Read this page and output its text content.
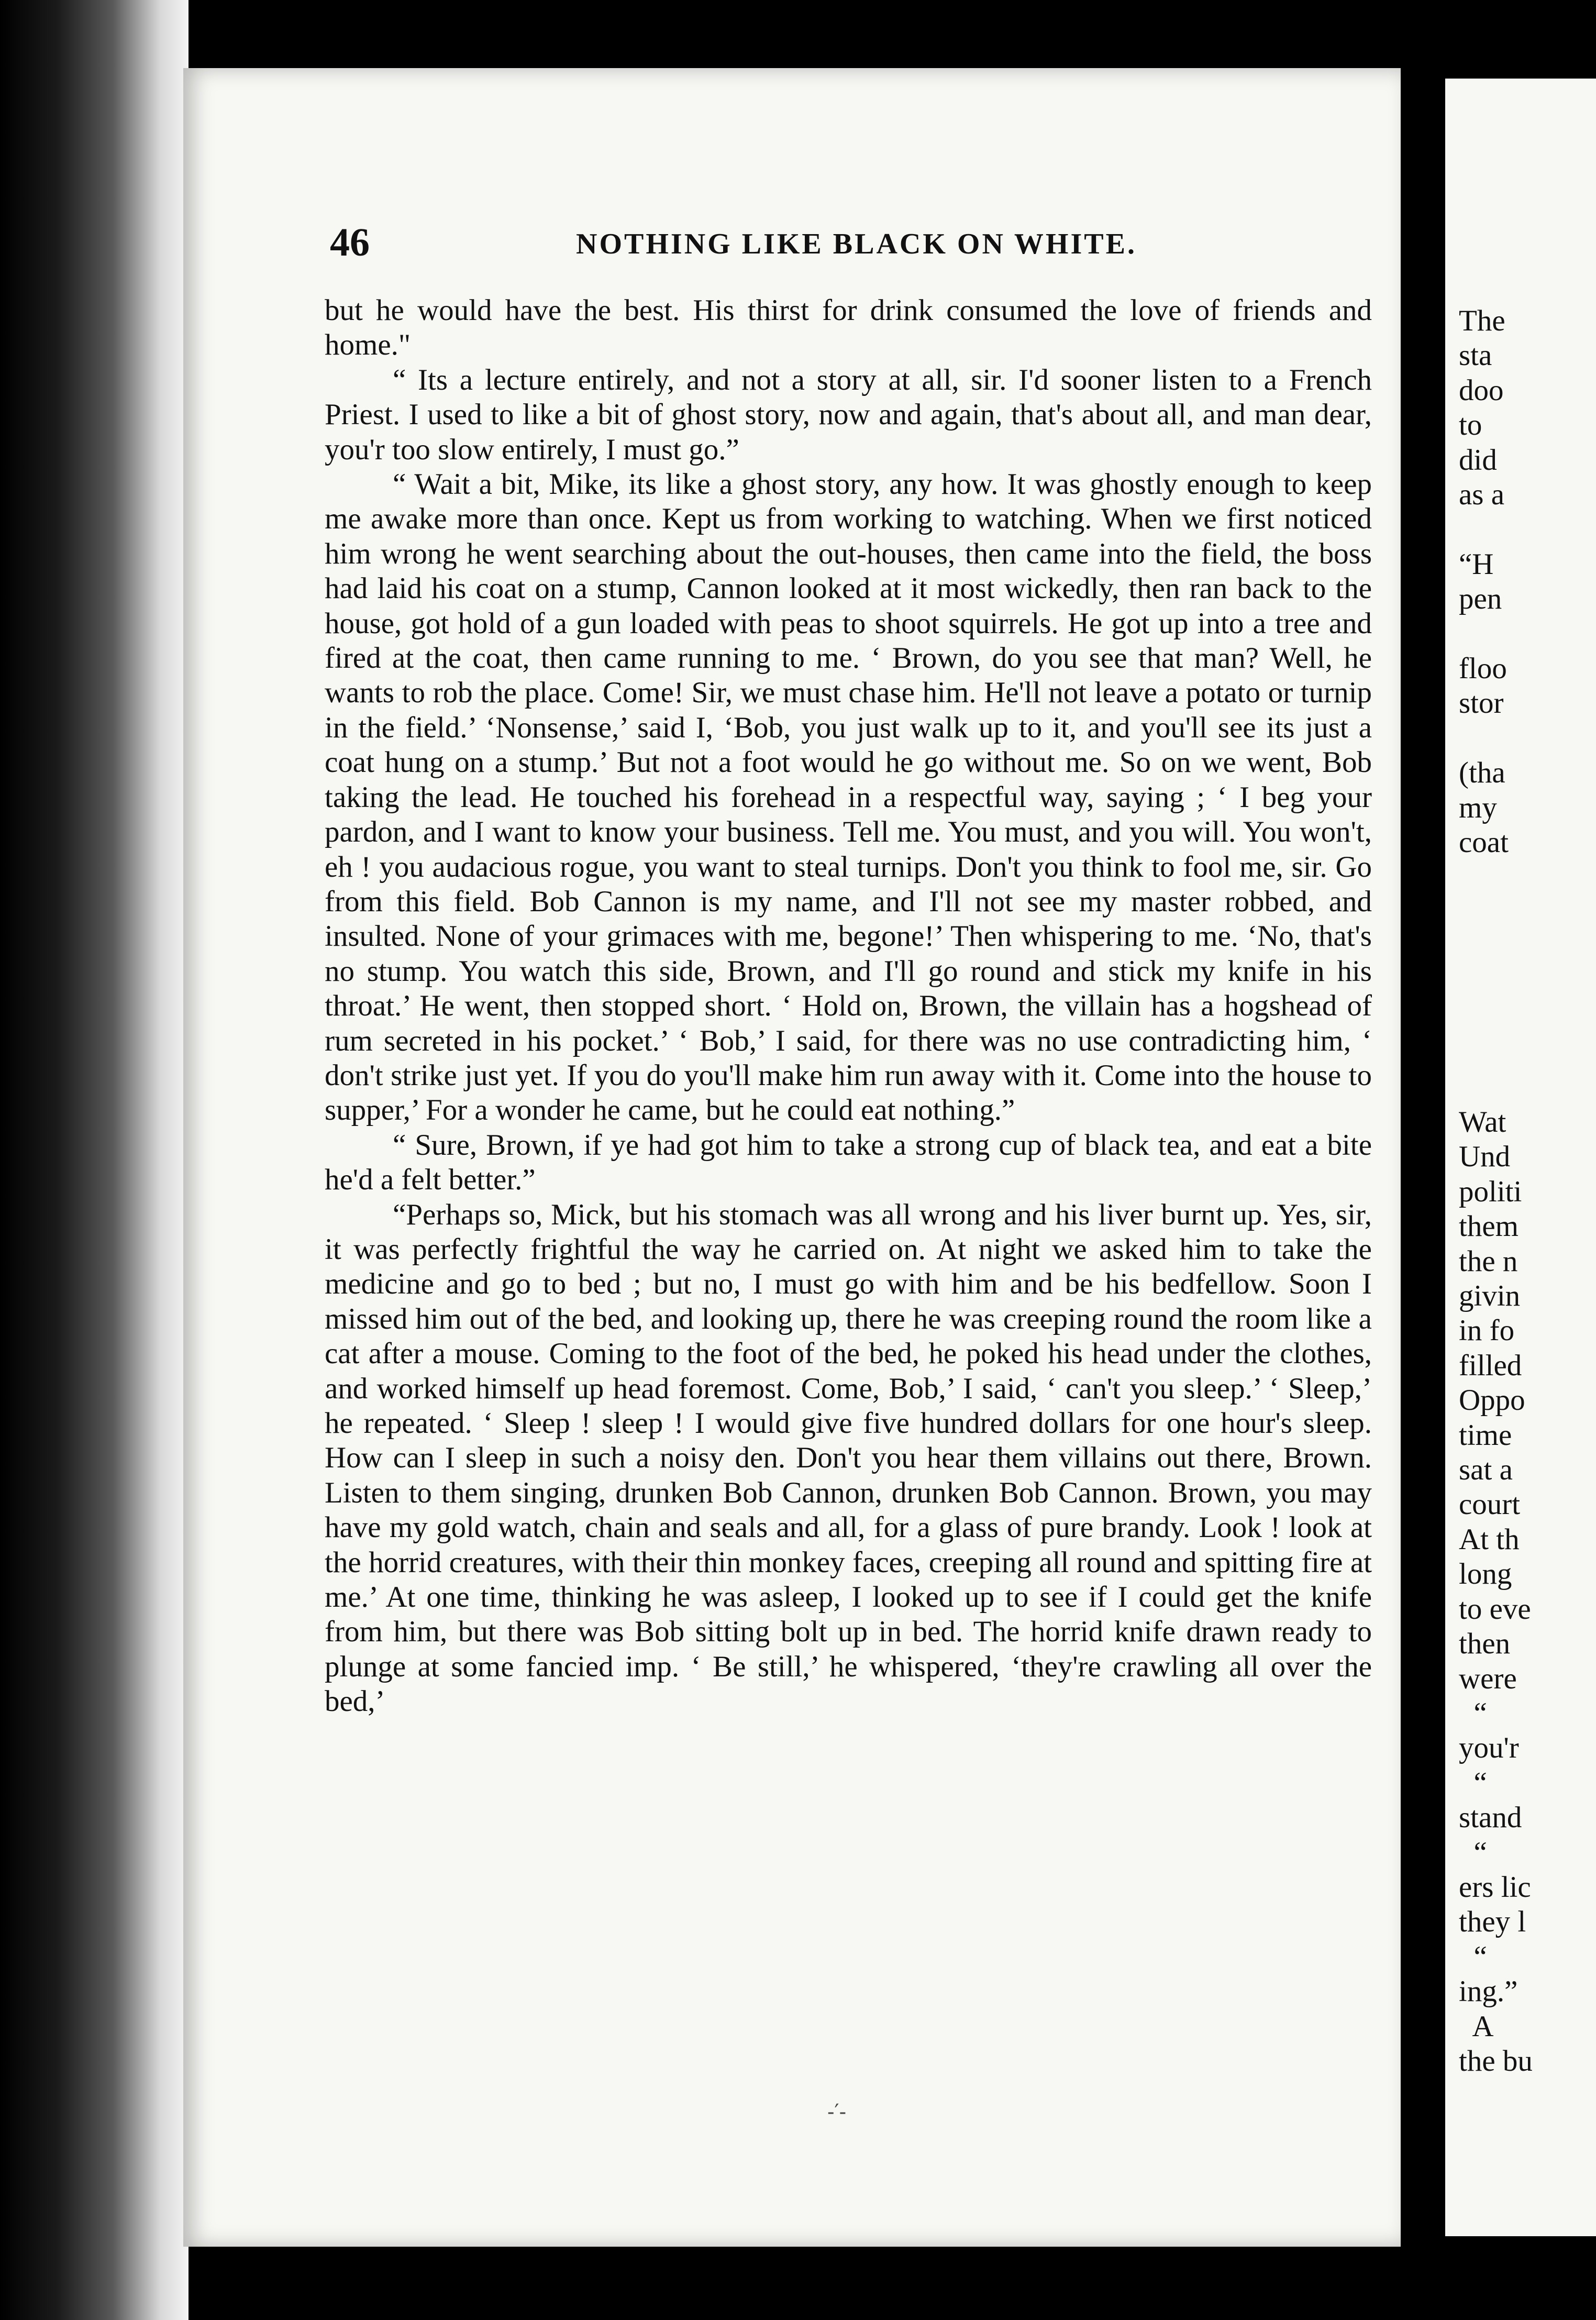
46	NOTHING LIKE BLACK ON WHITE.

but he would have the best. His thirst for drink consumed the love of friends and home."

“ Its a lecture entirely, and not a story at all, sir. I'd sooner listen to a French Priest. I used to like a bit of ghost story, now and again, that's about all, and man dear, you'r too slow entirely, I must go.”

“ Wait a bit, Mike, its like a ghost story, any how. It was ghostly enough to keep me awake more than once. Kept us from working to watching. When we first noticed him wrong he went searching about the out-houses, then came into the field, the boss had laid his coat on a stump, Cannon looked at it most wickedly, then ran back to the house, got hold of a gun loaded with peas to shoot squirrels. He got up into a tree and fired at the coat, then came running to me. ‘ Brown, do you see that man? Well, he wants to rob the place. Come! Sir, we must chase him. He'll not leave a potato or turnip in the field.’ ‘Nonsense,’ said I, ‘Bob, you just walk up to it, and you'll see its just a coat hung on a stump.’ But not a foot would he go without me. So on we went, Bob taking the lead. He touched his forehead in a respectful way, saying ; ‘ I beg your pardon, and I want to know your business. Tell me. You must, and you will. You won't, eh ! you audacious rogue, you want to steal turnips. Don't you think to fool me, sir. Go from this field. Bob Cannon is my name, and I'll not see my master robbed, and insulted. None of your grimaces with me, begone!’ Then whispering to me. ‘No, that's no stump. You watch this side, Brown, and I'll go round and stick my knife in his throat.’ He went, then stopped short. ‘ Hold on, Brown, the villain has a hogshead of rum secreted in his pocket.’ ‘ Bob,’ I said, for there was no use contradicting him, ‘ don't strike just yet. If you do you'll make him run away with it. Come into the house to supper,’ For a wonder he came, but he could eat nothing.”

“ Sure, Brown, if ye had got him to take a strong cup of black tea, and eat a bite he'd a felt better.”

“Perhaps so, Mick, but his stomach was all wrong and his liver burnt up. Yes, sir, it was perfectly frightful the way he carried on. At night we asked him to take the medicine and go to bed ; but no, I must go with him and be his bedfellow. Soon I missed him out of the bed, and looking up, there he was creeping round the room like a cat after a mouse. Coming to the foot of the bed, he poked his head under the clothes, and worked himself up head foremost. Come, Bob,’ I said, ‘ can't you sleep.’ ‘ Sleep,’ he repeated. ‘ Sleep ! sleep ! I would give five hundred dollars for one hour's sleep. How can I sleep in such a noisy den. Don't you hear them villains out there, Brown. Listen to them singing, drunken Bob Cannon, drunken Bob Cannon. Brown, you may have my gold watch, chain and seals and all, for a glass of pure brandy. Look ! look at the horrid creatures, with their thin monkey faces, creeping all round and spitting fire at me.’ At one time, thinking he was asleep, I looked up to see if I could get the knife from him, but there was Bob sitting bolt up in bed. The horrid knife drawn ready to plunge at some fancied imp. ‘ Be still,’ he whispered, ‘they're crawling all over the bed,’

-′-
The
sta
doo
to
did
as a

“H
pen

floo
stor

(tha
my
coat
Wat
Und
politi
them
the n
givin
in fo
filled
Oppo
time
sat a
court
At th
long
to eve
then
were
“
you'r
“
stand
“
ers lic
they l
“
ing.”
A
the bu
